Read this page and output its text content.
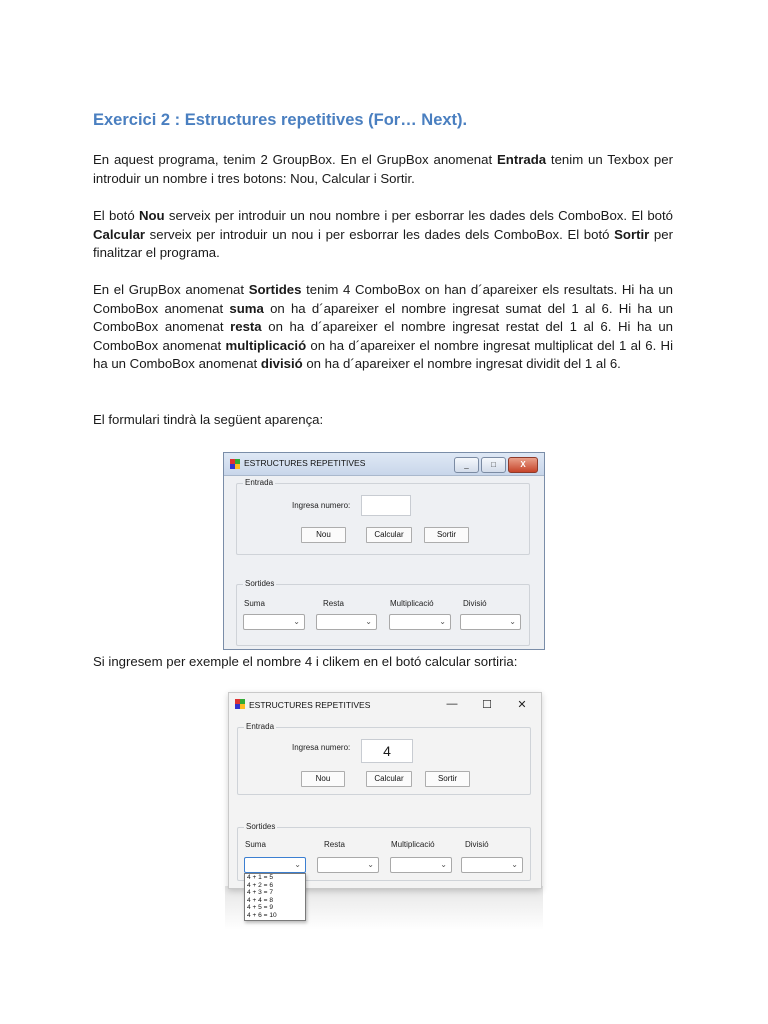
Exercici 2 : Estructures repetitives (For… Next).

En aquest programa, tenim 2 GroupBox. En el GrupBox anomenat Entrada tenim un Texbox per introduir un nombre i tres botons: Nou, Calcular i Sortir.

El botó Nou serveix per introduir un nou nombre i per esborrar les dades dels ComboBox. El botó Calcular serveix per introduir un nou i per esborrar les dades dels ComboBox. El botó Sortir per finalitzar el programa.

En el GrupBox anomenat Sortides tenim 4 ComboBox on han d´apareixer els resultats. Hi ha un ComboBox anomenat suma on ha d´apareixer el nombre ingresat sumat del 1 al 6. Hi ha un ComboBox anomenat resta on ha d´apareixer el nombre ingresat restat del 1 al 6. Hi ha un ComboBox anomenat multiplicació on ha d´apareixer el nombre ingresat multiplicat del 1 al 6. Hi ha un ComboBox anomenat divisió on ha d´apareixer el nombre ingresat dividit del 1 al 6.

El formulari tindrà la següent aparença:

ESTRUCTURES REPETITIVES	_	□	X
Entrada
Ingresa numero:
Nou	Calcular	Sortir
Sortides
Suma	Resta	Multiplicació	Divisió
⌄	⌄	⌄	⌄

Si ingresem per exemple el nombre 4 i clikem en el botó calcular sortiria:

ESTRUCTURES REPETITIVES	—	☐	✕
Entrada
Ingresa numero:	4
Nou	Calcular	Sortir
Sortides
Suma	Resta	Multiplicació	Divisió
⌄	⌄	⌄	⌄
4 + 1 = 5
4 + 2 = 6
4 + 3 = 7
4 + 4 = 8
4 + 5 = 9
4 + 6 = 10
